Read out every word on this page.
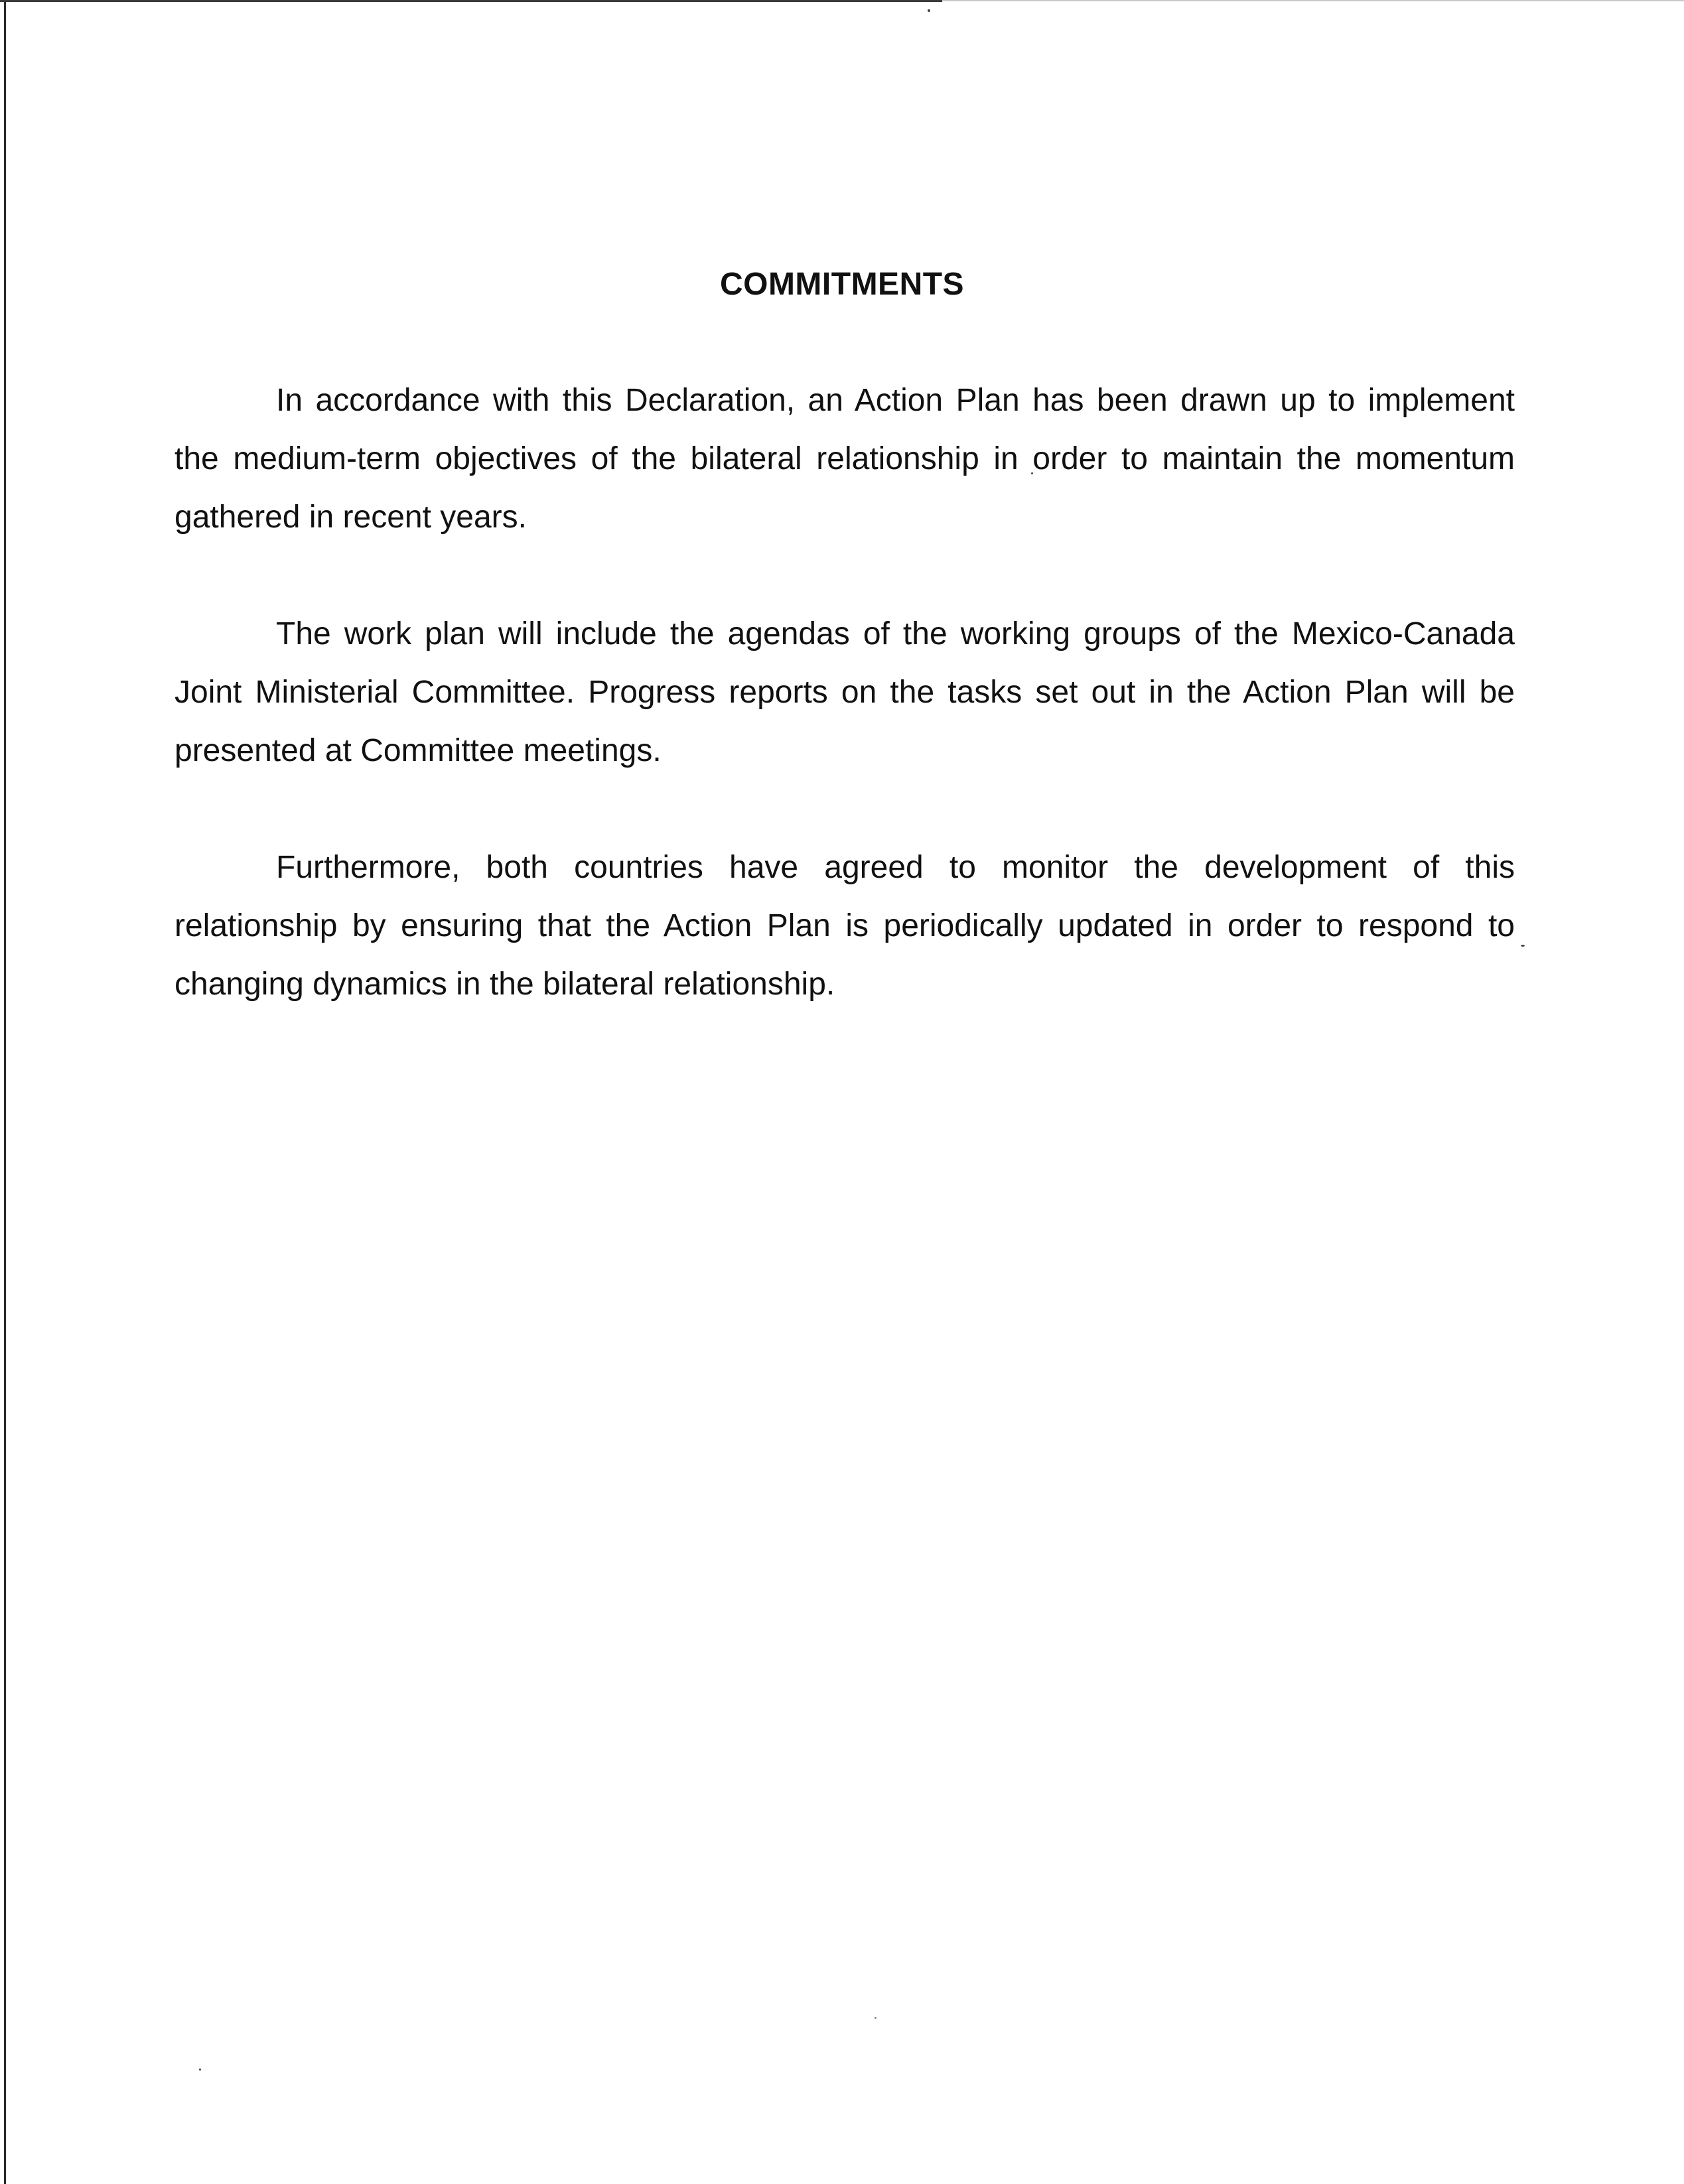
COMMITMENTS

In accordance with this Declaration, an Action Plan has been drawn up to implement the medium-term objectives of the bilateral relationship in order to maintain the momentum gathered in recent years.

The work plan will include the agendas of the working groups of the Mexico-Canada Joint Ministerial Committee. Progress reports on the tasks set out in the Action Plan will be presented at Committee meetings.

Furthermore, both countries have agreed to monitor the development of this relationship by ensuring that the Action Plan is periodically updated in order to respond to changing dynamics in the bilateral relationship.
